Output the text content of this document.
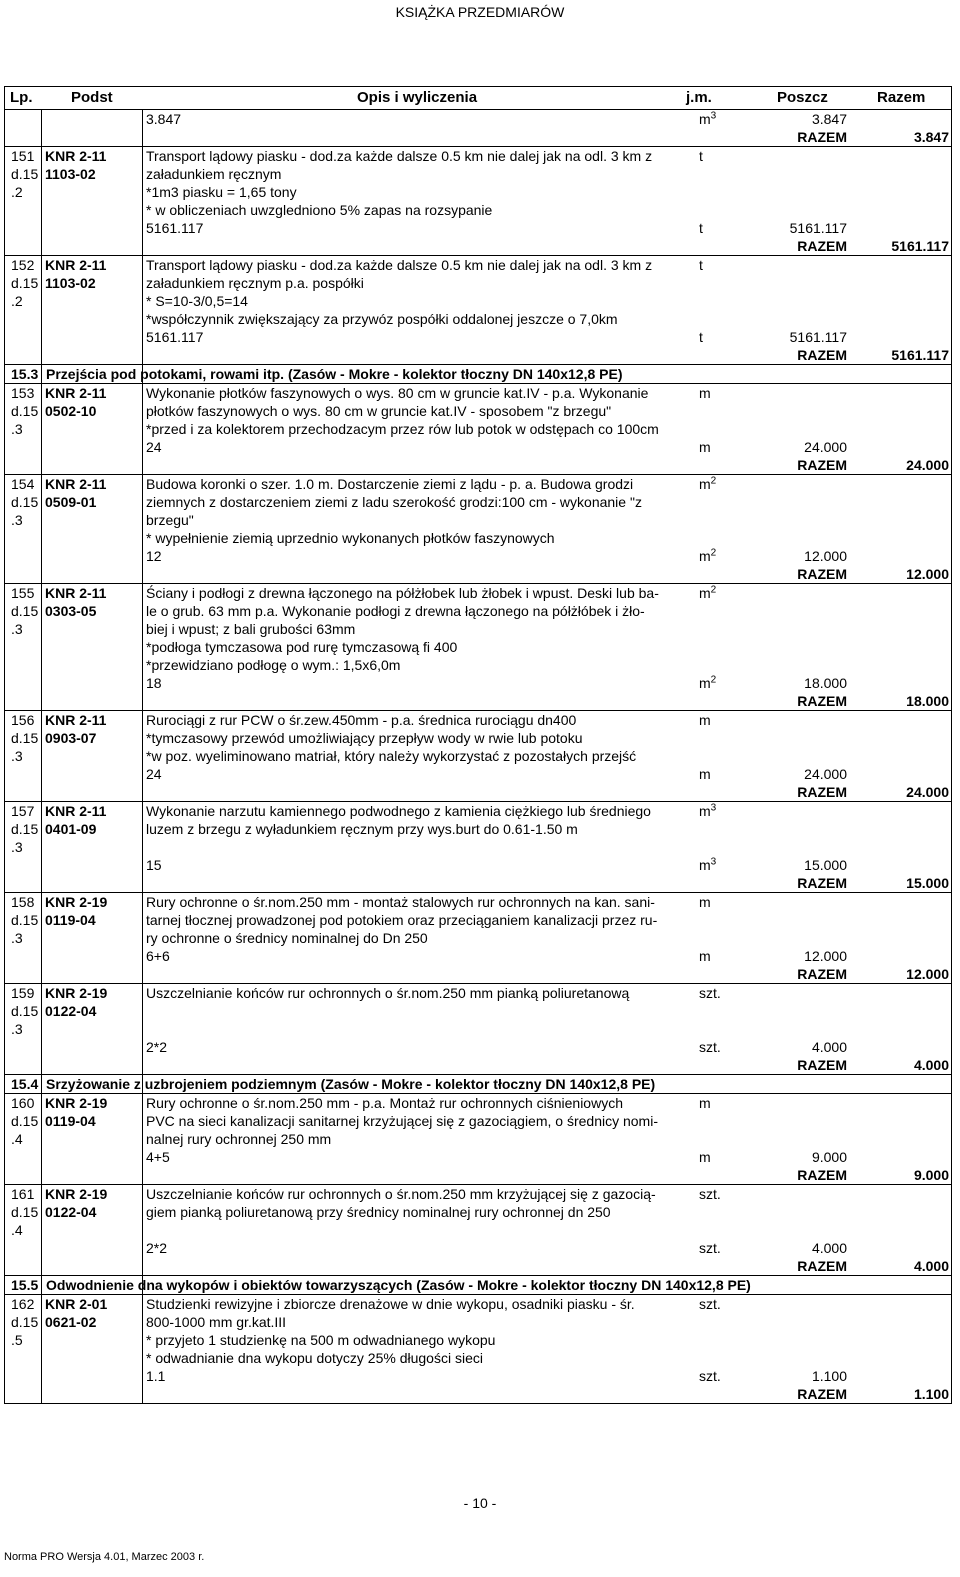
KSIĄŻKA PRZEDMIARÓW
Lp.	Podst	Opis i wyliczenia	j.m.	Poszcz	Razem
3.847	$m^3$	3.847
RAZEM	3.847
151 KNR 2-11	Transport lądowy piasku - dod.za każde dalsze 0.5 km nie dalej jak na odl. 3 km z	t
d.15 1103-02	załadunkiem ręcznym
.2	*1m3 piasku = 1,65 tony
* w obliczeniach uwzgledniono 5% zapas na rozsypanie
5161.117	t	5161.117
RAZEM	5161.117
152 KNR 2-11	Transport lądowy piasku - dod.za każde dalsze 0.5 km nie dalej jak na odl. 3 km z	t
d.15 1103-02	załadunkiem ręcznym p.a. pospółki
.2	* S=10-3/0,5=14
*współczynnik zwiększający za przywóz pospółki oddalonej jeszcze o 7,0km
5161.117	t	5161.117
RAZEM	5161.117
15.3 Przejścia pod potokami, rowami itp. (Zasów - Mokre - kolektor tłoczny DN 140x12,8 PE)
153 KNR 2-11	Wykonanie płotków faszynowych o wys. 80 cm w gruncie kat.IV - p.a. Wykonanie	m
d.15 0502-10	płotków faszynowych o wys. 80 cm w gruncie kat.IV - sposobem "z brzegu"
.3	*przed i za kolektorem przechodzacym przez rów lub potok w odstępach co 100cm
24	m	24.000
RAZEM	24.000
154 KNR 2-11	Budowa koronki o szer. 1.0 m. Dostarczenie ziemi z lądu - p. a. Budowa grodzi	$m^2$
d.15 0509-01	ziemnych z dostarczeniem ziemi z ladu szerokość grodzi:100 cm - wykonanie "z
.3	brzegu"
* wypełnienie ziemią uprzednio wykonanych płotków faszynowych
12	$m^2$	12.000
RAZEM	12.000
155 KNR 2-11	Ściany i podłogi z drewna łączonego na półżłobek lub żłobek i wpust. Deski lub ba-	$m^2$
d.15 0303-05	le o grub. 63 mm p.a. Wykonanie podłogi z drewna łączonego na półżłóbek i żło-
.3	biej i wpust; z bali grubości 63mm
*podłoga tymczasowa pod rurę tymczasową fi 400
*przewidziano podłogę o wym.: 1,5x6,0m
18	$m^2$	18.000
RAZEM	18.000
156 KNR 2-11	Rurociągi z rur PCW o śr.zew.450mm - p.a. średnica rurociągu dn400	m
d.15 0903-07	*tymczasowy przewód umożliwiający przepływ wody w rwie lub potoku
.3	*w poz. wyeliminowano matriał, który należy wykorzystać z pozostałych przejść
24	m	24.000
RAZEM	24.000
157 KNR 2-11	Wykonanie narzutu kamiennego podwodnego z kamienia ciężkiego lub średniego	$m^3$
d.15 0401-09	luzem z brzegu z wyładunkiem ręcznym przy wys.burt do 0.61-1.50 m
.3
15	$m^3$	15.000
RAZEM	15.000
158 KNR 2-19	Rury ochronne o śr.nom.250 mm - montaż stalowych rur ochronnych na kan. sani-	m
d.15 0119-04	tarnej tłocznej prowadzonej pod potokiem oraz przeciąganiem kanalizacji przez ru-
.3	ry ochronne o średnicy nominalnej do Dn 250
6+6	m	12.000
RAZEM	12.000
159 KNR 2-19	Uszczelnianie końców rur ochronnych o śr.nom.250 mm pianką poliuretanową	szt.
d.15 0122-04
.3
2*2	szt.	4.000
RAZEM	4.000
15.4 Srzyżowanie z uzbrojeniem podziemnym (Zasów - Mokre - kolektor tłoczny DN 140x12,8 PE)
160 KNR 2-19	Rury ochronne o śr.nom.250 mm - p.a. Montaż rur ochronnych ciśnieniowych	m
d.15 0119-04	PVC na sieci kanalizacji sanitarnej krzyżującej się z gazociągiem, o średnicy nomi-
.4	nalnej rury ochronnej 250 mm
4+5	m	9.000
RAZEM	9.000
161 KNR 2-19	Uszczelnianie końców rur ochronnych o śr.nom.250 mm krzyżującej się z gazocią-	szt.
d.15 0122-04	giem pianką poliuretanową przy średnicy nominalnej rury ochronnej dn 250
.4
2*2	szt.	4.000
RAZEM	4.000
15.5 Odwodnienie dna wykopów i obiektów towarzyszących (Zasów - Mokre - kolektor tłoczny DN 140x12,8 PE)
162 KNR 2-01	Studzienki rewizyjne i zbiorcze drenażowe w dnie wykopu, osadniki piasku - śr.	szt.
d.15 0621-02	800-1000 mm gr.kat.III
.5	* przyjeto 1 studzienkę na 500 m odwadnianego wykopu
* odwadnianie dna wykopu dotyczy 25% długości sieci
1.1	szt.	1.100
RAZEM	1.100
- 10 -
Norma PRO Wersja 4.01, Marzec 2003 r.
